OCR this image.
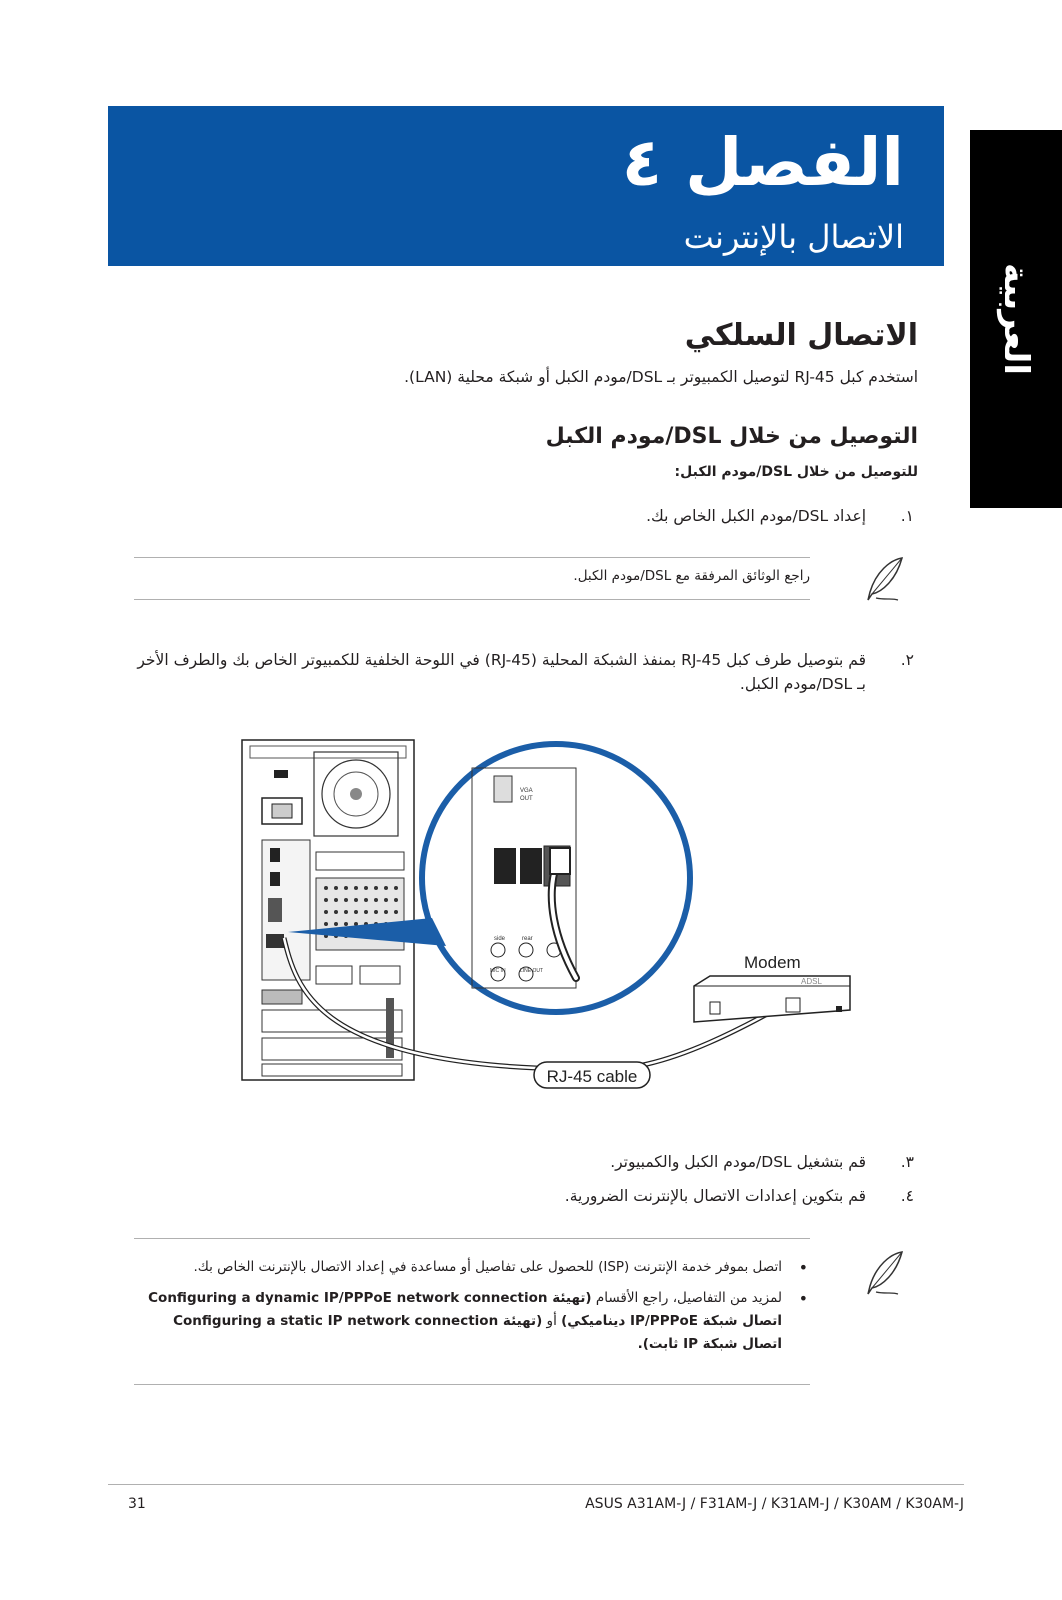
الفصل ٤
الاتصال بالإنترنت
العربية
الاتصال السلكي
استخدم كبل RJ-45 لتوصيل الكمبيوتر بـ DSL/مودم الكبل أو شبكة محلية (LAN).
التوصيل من خلال DSL/مودم الكبل
للتوصيل من خلال DSL/مودم الكبل:
١.
إعداد DSL/مودم الكبل الخاص بك.
راجع الوثائق المرفقة مع DSL/مودم الكبل.
٢.
قم بتوصيل طرف كبل RJ-45 بمنفذ الشبكة المحلية (RJ-45) في اللوحة الخلفية للكمبيوتر الخاص بك والطرف الأخر بـ DSL/مودم الكبل.
VGA
OUT
side	rear
MIC IN	LINE OUT
ADSL
Modem
RJ-45 cable
٣.
قم بتشغيل DSL/مودم الكبل والكمبيوتر.
٤.
قم بتكوين إعدادات الاتصال بالإنترنت الضرورية.
•
اتصل بموفر خدمة الإنترنت (ISP) للحصول على تفاصيل أو مساعدة في إعداد الاتصال بالإنترنت الخاص بك.
•
لمزيد من التفاصيل، راجع الأقسام (تهيئة Configuring a dynamic IP/PPPoE network connection اتصال شبكة IP/PPPoE ديناميكي) أو (تهيئة Configuring a static IP network connection اتصال شبكة IP ثابت).
31	ASUS A31AM-J / F31AM-J / K31AM-J / K30AM / K30AM-J
